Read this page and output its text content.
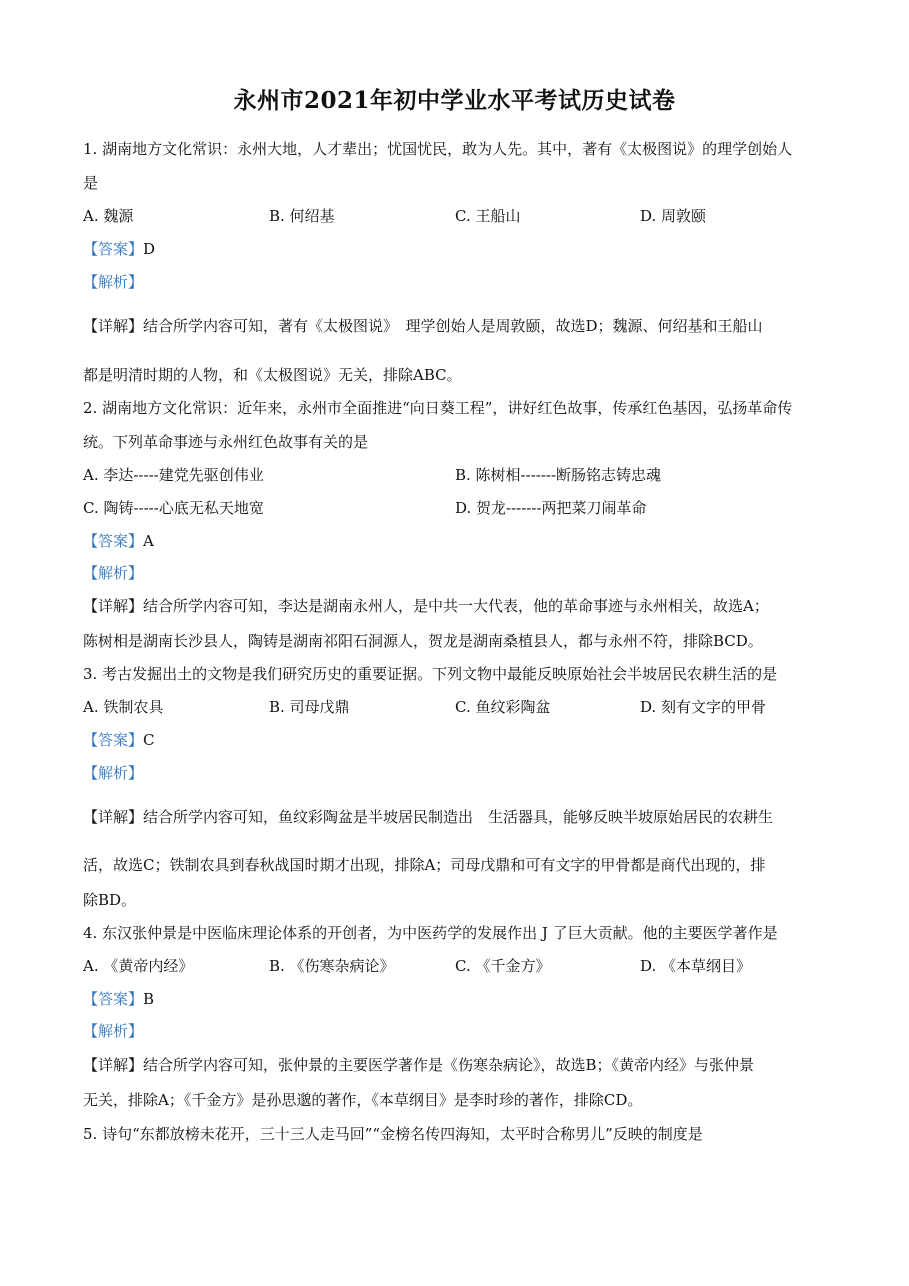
永州市2021年初中学业水平考试历史试卷
1. 湖南地方文化常识：永州大地，人才辈出；忧国忧民，敢为人先。其中，著有《太极图说》的理学创始人
是
A. 魏源	B. 何绍基	C. 王船山	D. 周敦颐
【答案】D
【解析】
【详解】结合所学内容可知，著有《太极图说》　理学创始人是周敦颐，故选D；魏源、何绍基和王船山
都是明清时期的人物，和《太极图说》无关，排除ABC。
2. 湖南地方文化常识：近年来，永州市全面推进“向日葵工程”，讲好红色故事，传承红色基因，弘扬革命传
统。下列革命事迹与永州红色故事有关的是
A. 李达-----建党先驱创伟业	B. 陈树相-------断肠铭志铸忠魂
C. 陶铸-----心底无私天地宽	D. 贺龙-------两把菜刀闹革命
【答案】A
【解析】
【详解】结合所学内容可知，李达是湖南永州人，是中共一大代表，他的革命事迹与永州相关，故选A；
陈树相是湖南长沙县人，陶铸是湖南祁阳石洞源人，贺龙是湖南桑植县人，都与永州不符，排除BCD。
3. 考古发掘出土的文物是我们研究历史的重要证据。下列文物中最能反映原始社会半坡居民农耕生活的是
A. 铁制农具	B. 司母戊鼎	C. 鱼纹彩陶盆	D. 刻有文字的甲骨
【答案】C
【解析】
【详解】结合所学内容可知，鱼纹彩陶盆是半坡居民制造出　生活器具，能够反映半坡原始居民的农耕生
活，故选C；铁制农具到春秋战国时期才出现，排除A；司母戊鼎和可有文字的甲骨都是商代出现的，排
除BD。
4. 东汉张仲景是中医临床理论体系的开创者，为中医药学的发展作出 J 了巨大贡献。他的主要医学著作是
A. 《黄帝内经》	B. 《伤寒杂病论》	C. 《千金方》	D. 《本草纲目》
【答案】B
【解析】
【详解】结合所学内容可知，张仲景的主要医学著作是《伤寒杂病论》，故选B；《黄帝内经》与张仲景
无关，排除A；《千金方》是孙思邈的著作，《本草纲目》是李时珍的著作，排除CD。
5. 诗句“东都放榜未花开，三十三人走马回”“金榜名传四海知，太平时合称男儿”反映的制度是
